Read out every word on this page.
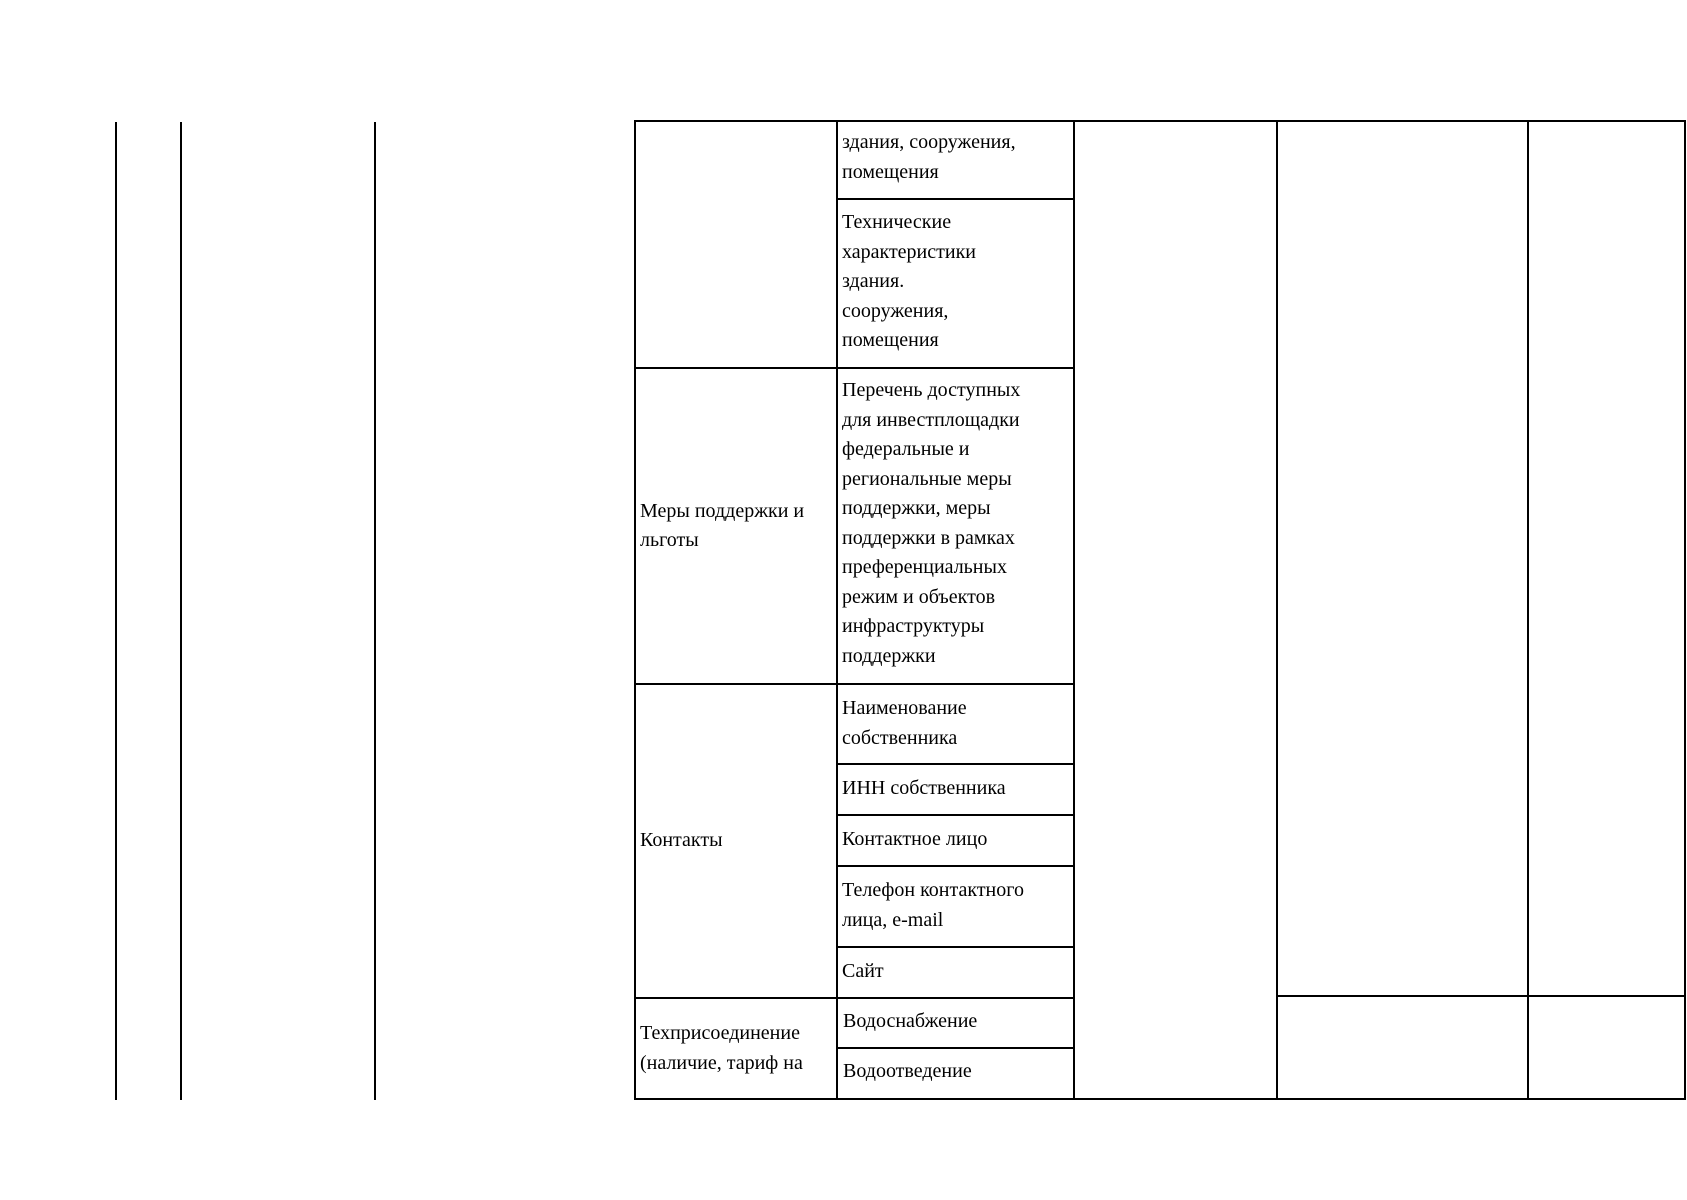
Меры поддержки и
льготы
Контакты
Техприсоединение
(наличие, тариф на
здания, сооружения,
помещения
Технические
характеристики
здания.
сооружения,
помещения
Перечень доступных
для инвестплощадки
федеральные и
региональные меры
поддержки, меры
поддержки в рамках
преференциальных
режим и объектов
инфраструктуры
поддержки
Наименование
собственника
ИНН собственника
Контактное лицо
Телефон контактного
лица, e-mail
Сайт
Водоснабжение
Водоотведение
